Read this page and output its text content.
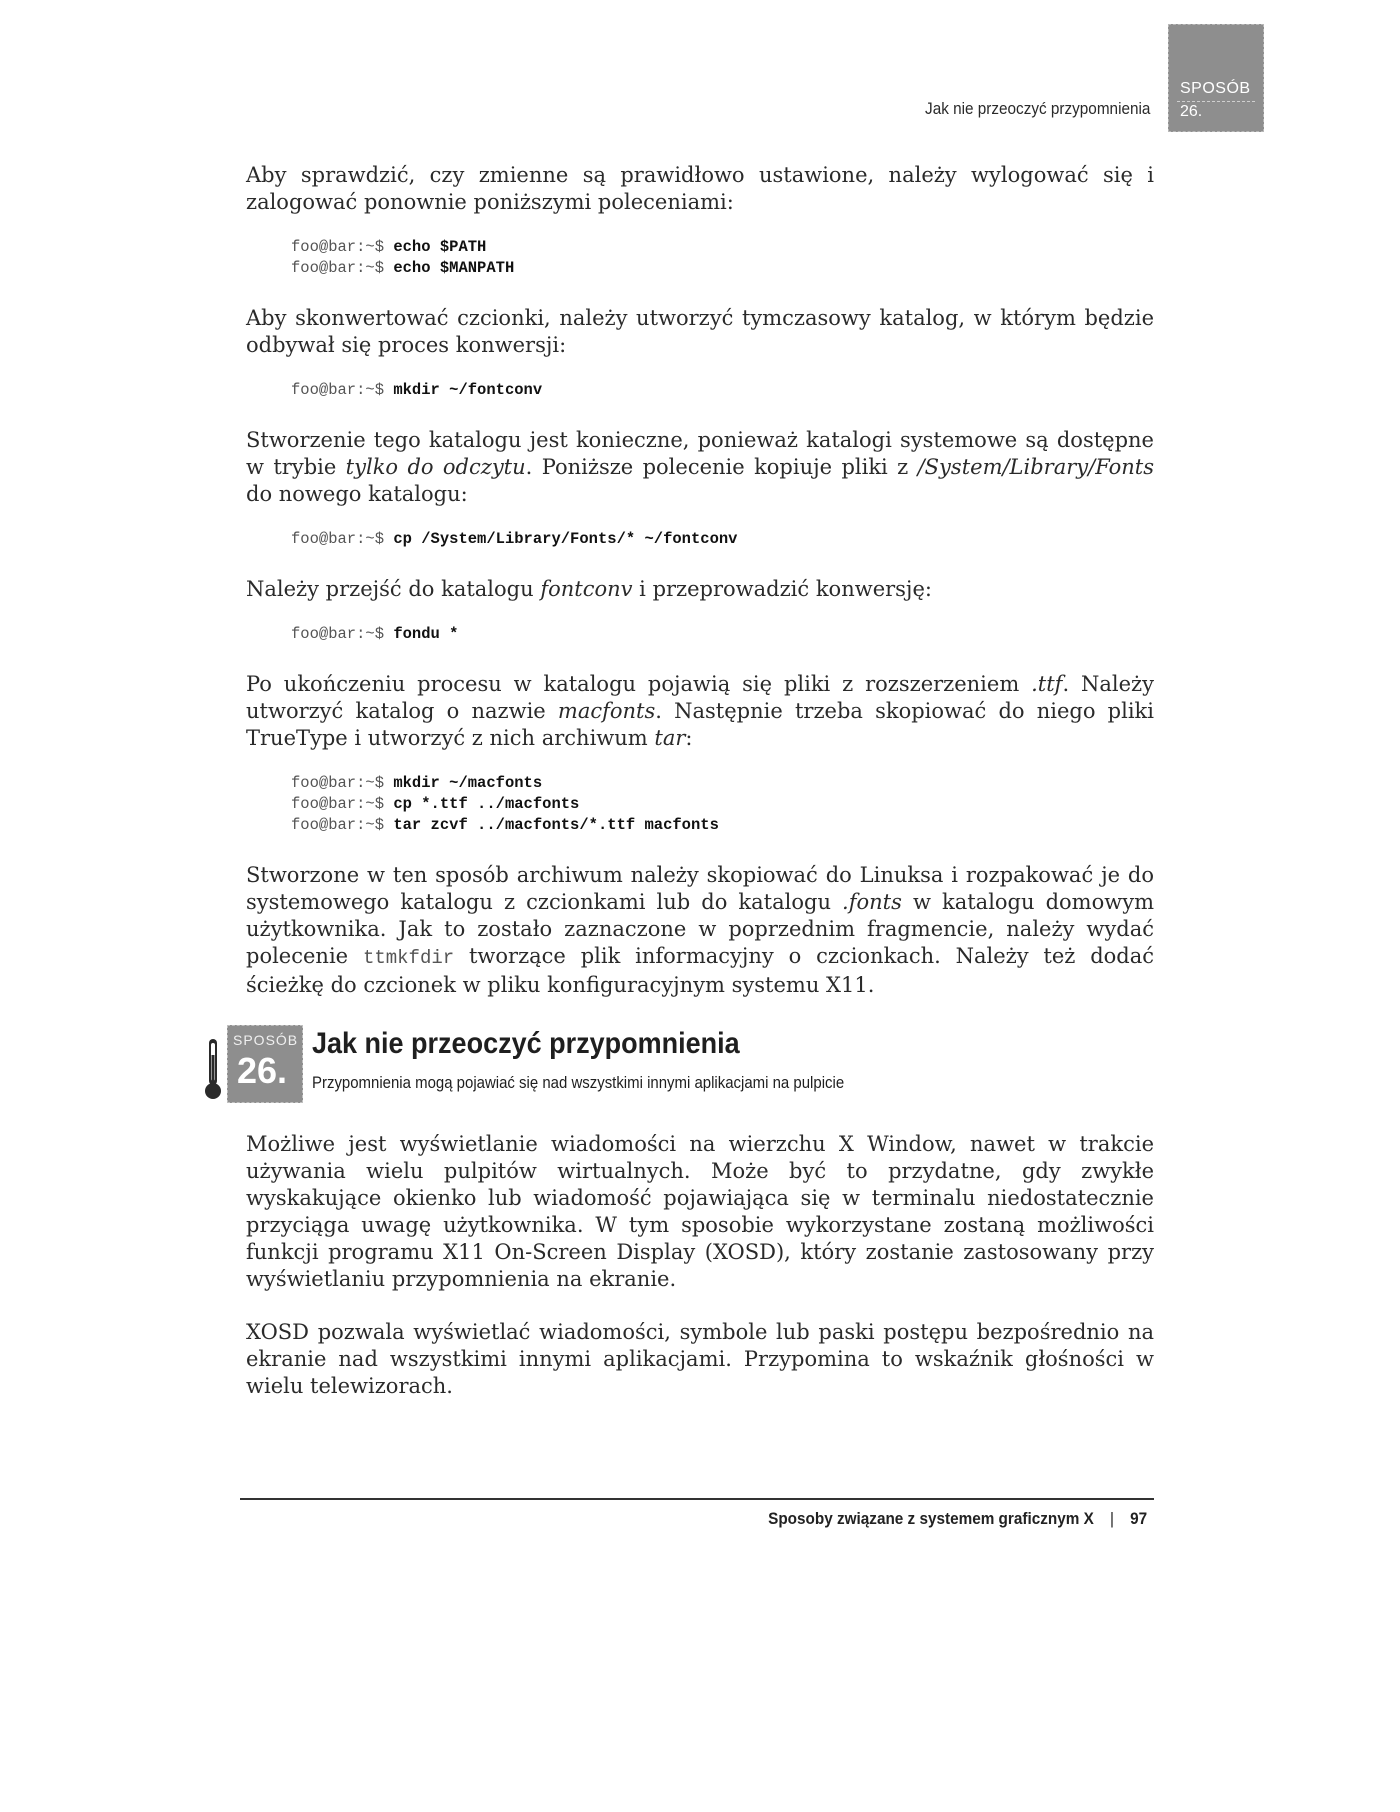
Jak nie przeoczyć przypomnienia
SPOSÓB
26.

Aby sprawdzić, czy zmienne są prawidłowo ustawione, należy wylogować się i zalogować ponownie poniższymi poleceniami:

foo@bar:~$ echo $PATH
foo@bar:~$ echo $MANPATH

Aby skonwertować czcionki, należy utworzyć tymczasowy katalog, w którym będzie odbywał się proces konwersji:

foo@bar:~$ mkdir ~/fontconv

Stworzenie tego katalogu jest konieczne, ponieważ katalogi systemowe są dostępne w trybie tylko do odczytu. Poniższe polecenie kopiuje pliki z /System/Library/Fonts do nowego katalogu:

foo@bar:~$ cp /System/Library/Fonts/* ~/fontconv

Należy przejść do katalogu fontconv i przeprowadzić konwersję:

foo@bar:~$ fondu *

Po ukończeniu procesu w katalogu pojawią się pliki z rozszerzeniem .ttf. Należy utworzyć katalog o nazwie macfonts. Następnie trzeba skopiować do niego pliki TrueType i utworzyć z nich archiwum tar:

foo@bar:~$ mkdir ~/macfonts
foo@bar:~$ cp *.ttf ../macfonts
foo@bar:~$ tar zcvf ../macfonts/*.ttf macfonts

Stworzone w ten sposób archiwum należy skopiować do Linuksa i rozpakować je do systemowego katalogu z czcionkami lub do katalogu .fonts w katalogu domowym użytkownika. Jak to zostało zaznaczone w poprzednim fragmencie, należy wydać polecenie ttmkfdir tworzące plik informacyjny o czcionkach. Należy też dodać ścieżkę do czcionek w pliku konfiguracyjnym systemu X11.

SPOSÓB
26.
Jak nie przeoczyć przypomnienia
Przypomnienia mogą pojawiać się nad wszystkimi innymi aplikacjami na pulpicie

Możliwe jest wyświetlanie wiadomości na wierzchu X Window, nawet w trakcie używania wielu pulpitów wirtualnych. Może być to przydatne, gdy zwykłe wyskakujące okienko lub wiadomość pojawiająca się w terminalu niedostatecznie przyciąga uwagę użytkownika. W tym sposobie wykorzystane zostaną możliwości funkcji programu X11 On-Screen Display (XOSD), który zostanie zastosowany przy wyświetlaniu przypomnienia na ekranie.

XOSD pozwala wyświetlać wiadomości, symbole lub paski postępu bezpośrednio na ekranie nad wszystkimi innymi aplikacjami. Przypomina to wskaźnik głośności w wielu telewizorach.

Sposoby związane z systemem graficznym X | 97
